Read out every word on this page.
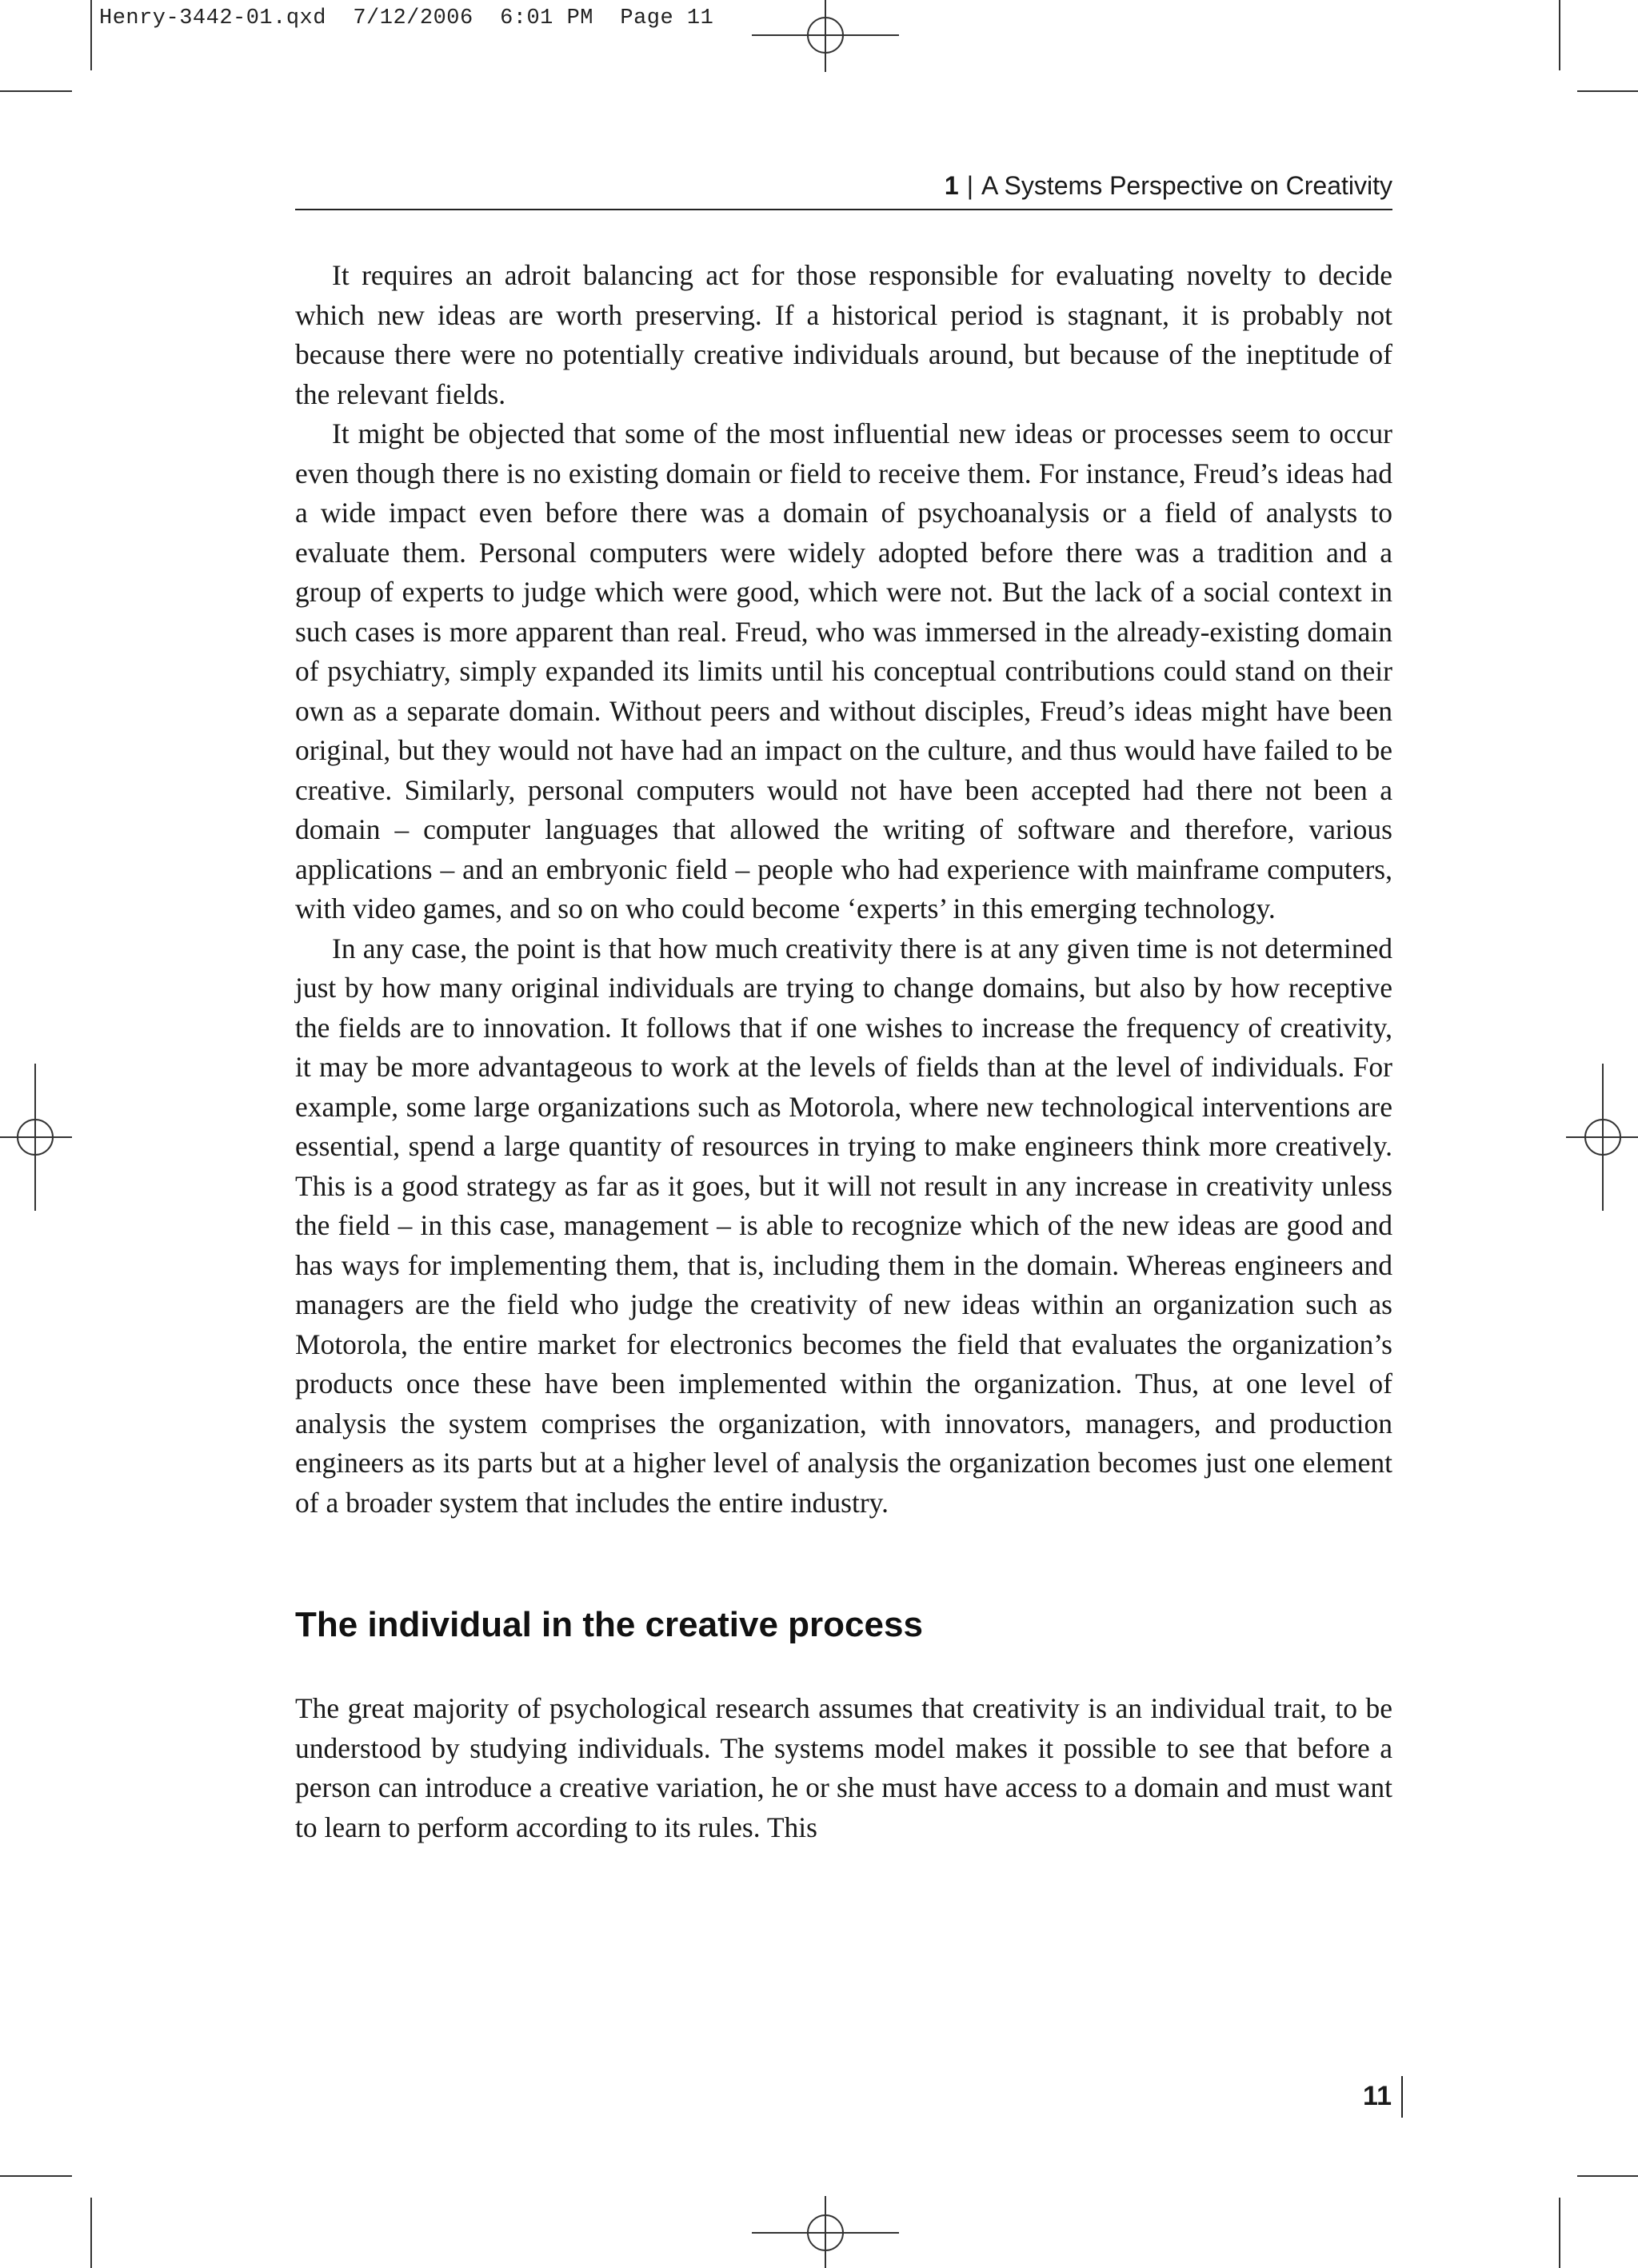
Henry-3442-01.qxd  7/12/2006  6:01 PM  Page 11
1 | A Systems Perspective on Creativity

It requires an adroit balancing act for those responsible for evaluating novelty to decide which new ideas are worth preserving. If a historical period is stagnant, it is probably not because there were no potentially creative individuals around, but because of the ineptitude of the relevant fields.

It might be objected that some of the most influential new ideas or processes seem to occur even though there is no existing domain or field to receive them. For instance, Freud’s ideas had a wide impact even before there was a domain of psychoanalysis or a field of analysts to evaluate them. Personal computers were widely adopted before there was a tradition and a group of experts to judge which were good, which were not. But the lack of a social context in such cases is more apparent than real. Freud, who was immersed in the already-existing domain of psychiatry, simply expanded its limits until his conceptual contributions could stand on their own as a separate domain. Without peers and without disciples, Freud’s ideas might have been original, but they would not have had an impact on the culture, and thus would have failed to be creative. Similarly, personal computers would not have been accepted had there not been a domain – computer languages that allowed the writing of software and therefore, various applications – and an embryonic field – people who had experience with mainframe computers, with video games, and so on who could become ‘experts’ in this emerging technology.

In any case, the point is that how much creativity there is at any given time is not determined just by how many original individuals are trying to change domains, but also by how receptive the fields are to innovation. It follows that if one wishes to increase the frequency of creativity, it may be more advantageous to work at the levels of fields than at the level of individuals. For example, some large organizations such as Motorola, where new technological interventions are essential, spend a large quantity of resources in trying to make engineers think more creatively. This is a good strategy as far as it goes, but it will not result in any increase in creativity unless the field – in this case, management – is able to recognize which of the new ideas are good and has ways for implementing them, that is, including them in the domain. Whereas engineers and managers are the field who judge the creativity of new ideas within an organization such as Motorola, the entire market for electronics becomes the field that evaluates the organization’s products once these have been implemented within the organization. Thus, at one level of analysis the system comprises the organization, with innovators, managers, and production engineers as its parts but at a higher level of analysis the organization becomes just one element of a broader system that includes the entire industry.

The individual in the creative process

The great majority of psychological research assumes that creativity is an individual trait, to be understood by studying individuals. The systems model makes it possible to see that before a person can introduce a creative variation, he or she must have access to a domain and must want to learn to perform according to its rules. This

11
